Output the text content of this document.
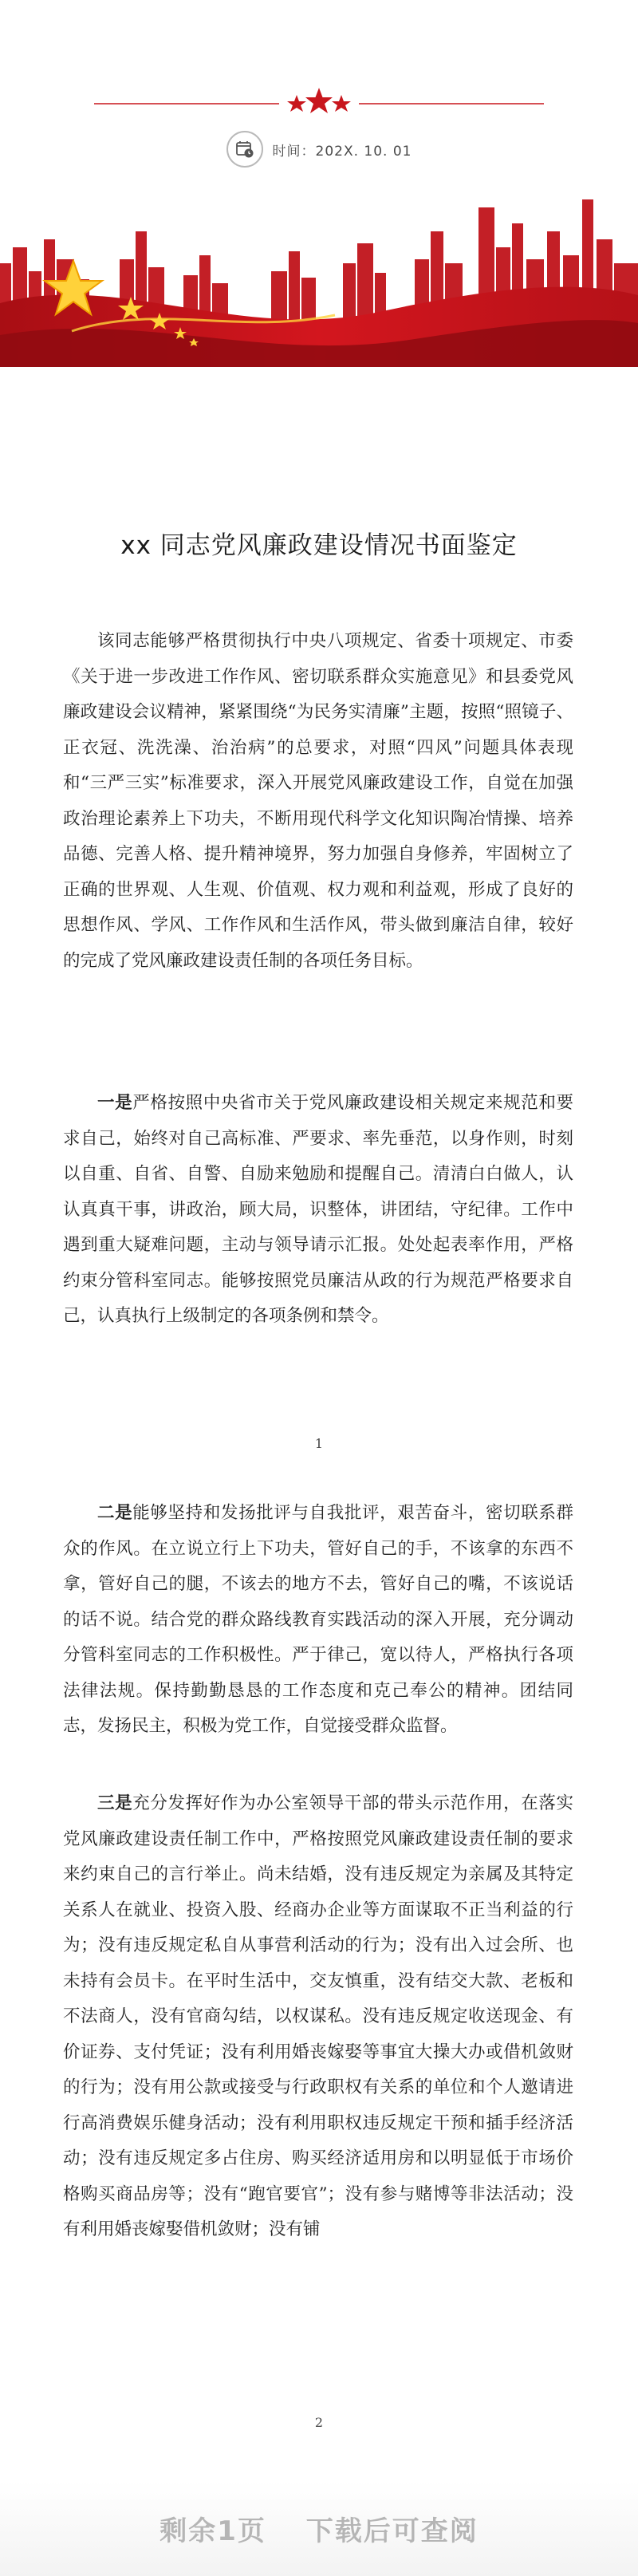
时间：202X. 10. 01
xx 同志党风廉政建设情况书面鉴定

该同志能够严格贯彻执行中央八项规定、省委十项规定、市委《关于进一步改进工作作风、密切联系群众实施意见》和县委党风廉政建设会议精神，紧紧围绕“为民务实清廉”主题，按照“照镜子、正衣冠、洗洗澡、治治病”的总要求，对照“四风”问题具体表现和“三严三实”标准要求，深入开展党风廉政建设工作，自觉在加强政治理论素养上下功夫，不断用现代科学文化知识陶冶情操、培养品德、完善人格、提升精神境界，努力加强自身修养，牢固树立了正确的世界观、人生观、价值观、权力观和利益观，形成了良好的思想作风、学风、工作作风和生活作风，带头做到廉洁自律，较好的完成了党风廉政建设责任制的各项任务目标。

一是严格按照中央省市关于党风廉政建设相关规定来规范和要求自己，始终对自己高标准、严要求、率先垂范，以身作则，时刻以自重、自省、自警、自励来勉励和提醒自己。清清白白做人，认认真真干事，讲政治，顾大局，识整体，讲团结，守纪律。工作中遇到重大疑难问题，主动与领导请示汇报。处处起表率作用，严格约束分管科室同志。能够按照党员廉洁从政的行为规范严格要求自己，认真执行上级制定的各项条例和禁令。

1

二是能够坚持和发扬批评与自我批评，艰苦奋斗，密切联系群众的作风。在立说立行上下功夫，管好自己的手，不该拿的东西不拿，管好自己的腿，不该去的地方不去，管好自己的嘴，不该说话的话不说。结合党的群众路线教育实践活动的深入开展，充分调动分管科室同志的工作积极性。严于律己，宽以待人，严格执行各项法律法规。保持勤勤恳恳的工作态度和克己奉公的精神。团结同志，发扬民主，积极为党工作，自觉接受群众监督。

三是充分发挥好作为办公室领导干部的带头示范作用，在落实党风廉政建设责任制工作中，严格按照党风廉政建设责任制的要求来约束自己的言行举止。尚未结婚，没有违反规定为亲属及其特定关系人在就业、投资入股、经商办企业等方面谋取不正当利益的行为；没有违反规定私自从事营利活动的行为；没有出入过会所、也未持有会员卡。在平时生活中，交友慎重，没有结交大款、老板和不法商人，没有官商勾结，以权谋私。没有违反规定收送现金、有价证券、支付凭证；没有利用婚丧嫁娶等事宜大操大办或借机敛财的行为；没有用公款或接受与行政职权有关系的单位和个人邀请进行高消费娱乐健身活动；没有利用职权违反规定干预和插手经济活动；没有违反规定多占住房、购买经济适用房和以明显低于市场价格购买商品房等；没有“跑官要官”；没有参与赌博等非法活动；没有利用婚丧嫁娶借机敛财；没有铺

2
剩余1页 下载后可查阅
